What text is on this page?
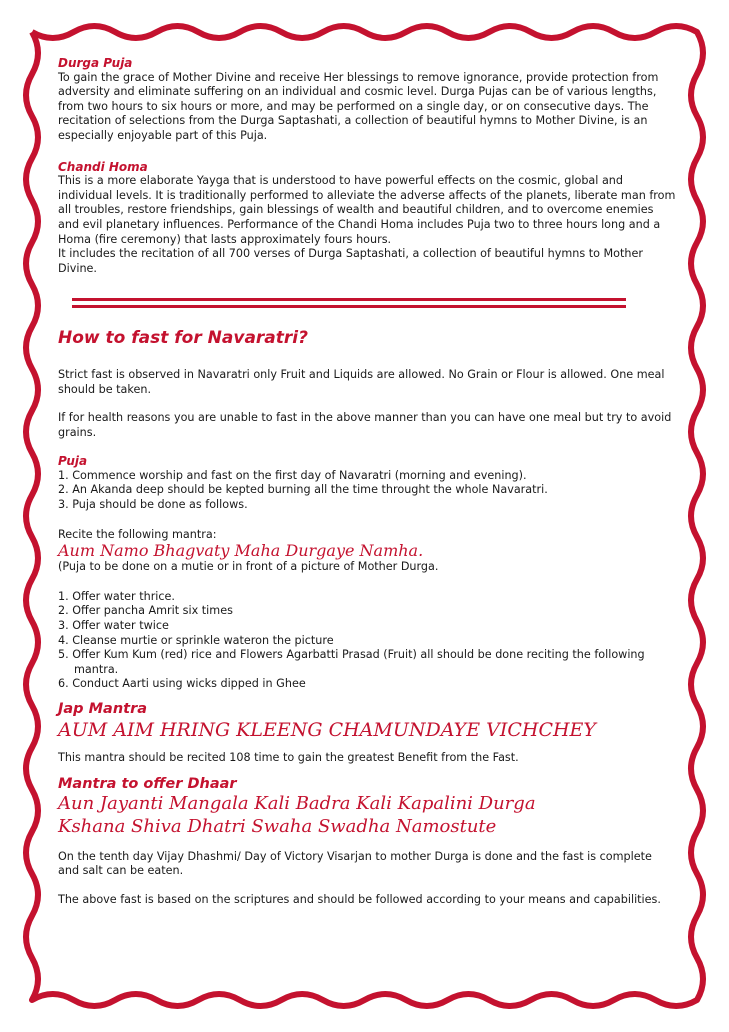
Durga Puja

To gain the grace of Mother Divine and receive Her blessings to remove ignorance, provide protection from adversity and eliminate suffering on an individual and cosmic level. Durga Pujas can be of various lengths, from two hours to six hours or more, and may be performed on a single day, or on consecutive days. The recitation of selections from the Durga Saptashati, a collection of beautiful hymns to Mother Divine, is an especially enjoyable part of this Puja.

Chandi Homa

This is a more elaborate Yayga that is understood to have powerful effects on the cosmic, global and individual levels. It is traditionally performed to alleviate the adverse affects of the planets, liberate man from all troubles, restore friendships, gain blessings of wealth and beautiful children, and to overcome enemies and evil planetary influences. Performance of the Chandi Homa includes Puja two to three hours long and a Homa (fire ceremony) that lasts approximately fours hours.

It includes the recitation of all 700 verses of Durga Saptashati, a collection of beautiful hymns to Mother Divine.

How to fast for Navaratri?

Strict fast is observed in Navaratri only Fruit and Liquids are allowed. No Grain or Flour is allowed. One meal should be taken.

If for health reasons you are unable to fast in the above manner than you can have one meal but try to avoid grains.

Puja

1. Commence worship and fast on the first day of Navaratri (morning and evening).
2. An Akanda deep should be kepted burning all the time throught the whole Navaratri.
3. Puja should be done as follows.

Recite the following mantra:

Aum Namo Bhagvaty Maha Durgaye Namha.

(Puja to be done on a mutie or in front of a picture of Mother Durga.

1. Offer water thrice.
2. Offer pancha Amrit six times
3. Offer water twice
4. Cleanse murtie or sprinkle wateron the picture
5. Offer Kum Kum (red) rice and Flowers Agarbatti Prasad (Fruit) all should be done reciting the following mantra.
6. Conduct Aarti using wicks dipped in Ghee

Jap Mantra

AUM AIM HRING KLEENG CHAMUNDAYE VICHCHEY

This mantra should be recited 108 time to gain the greatest Benefit from the Fast.

Mantra to offer Dhaar

Aun Jayanti Mangala Kali Badra Kali Kapalini Durga

Kshana Shiva Dhatri Swaha Swadha Namostute

On the tenth day Vijay Dhashmi/ Day of Victory Visarjan to mother Durga is done and the fast is complete and salt can be eaten.

The above fast is based on the scriptures and should be followed according to your means and capabilities.
